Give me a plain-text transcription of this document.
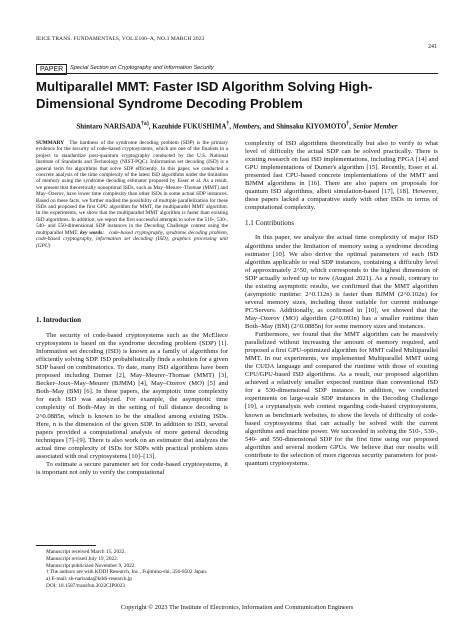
IEICE TRANS. FUNDAMENTALS, VOL.E106–A, NO.3 MARCH 2023
241
PAPER	Special Section on Cryptography and Information Security
Multiparallel MMT: Faster ISD Algorithm Solving High-Dimensional Syndrome Decoding Problem
Shintaro NARISADA$^{\dagger a)}$, Kazuhide FUKUSHIMA†, Members, and Shinsaku KIYOMOTO†, Senior Member
SUMMARY The hardness of the syndrome decoding problem (SDP) is the primary evidence for the security of code-based cryptosystems, which are one of the finalists in a project to standardize post-quantum cryptography conducted by the U.S. National Institute of Standards and Technology (NIST-PQC). Information set decoding (ISD) is a general term for algorithms that solve SDP efficiently. In this paper, we conducted a concrete analysis of the time complexity of the latest ISD algorithms under the limitation of memory using the syndrome decoding estimator proposed by Esser et al. As a result, we present that theoretically nonoptimal ISDs, such as May–Meurer–Thomae (MMT) and May–Ozerov, have lower time complexity than other ISDs in some actual SDP instances. Based on these facts, we further studied the possibility of multiple parallelization for these ISDs and proposed the first GPU algorithm for MMT, the multiparallel MMT algorithm. In the experiments, we show that the multiparallel MMT algorithm is faster than existing ISD algorithms. In addition, we report the first successful attempts to solve the 510-, 530-, 540- and 550-dimensional SDP instances in the Decoding Challenge contest using the multiparallel MMT. key words: code-based cryptography, syndrome decoding problem, code-based cryptography, information set decoding (ISD), graphics processing unit (GPU)

1. Introduction

The security of code-based cryptosystems such as the McEliece cryptosystem is based on the syndrome decoding problem (SDP) [1]. Information set decoding (ISD) is known as a family of algorithms for efficiently solving SDP. ISD probabilistically finds a solution for a given SDP based on combinatorics. To date, many ISD algorithms have been proposed including Dumer [2], May–Meurer–Thomae (MMT) [3], Becker–Joux–May–Meurer (BJMM) [4], May–Ozerov (MO) [5] and Both–May (BM) [6]. In these papers, the asymptotic time complexity for each ISD was analyzed. For example, the asymptotic time complexity of Both–May in the setting of full distance decoding is 2^0.0885n, which is known to be the smallest among existing ISDs. Here, n is the dimension of the given SDP. In addition to ISD, several papers provided a computational analysis of more general decoding techniques [7]–[9]. There is also work on an estimator that analyzes the actual time complexity of ISDs for SDPs with practical problem sizes associated with real cryptosystems [10]–[13].

To estimate a secure parameter set for code-based cryptosystems, it is important not only to verify the computational

Manuscript received March 15, 2022.

Manuscript revised July 19, 2022.

Manuscript publicized November 9, 2022.

† The authors are with KDDI Research, Inc., Fujimino-shi, 356-8502 Japan.

a) E-mail: sh-narisada@kddi-research.jp

DOI: 10.1587/transfun.2022CIP0023

complexity of ISD algorithms theoretically but also to verify to what level of difficulty the actual SDP can be solved practically. There is existing research on fast ISD implementations, including FPGA [14] and GPU implementations of Dumer's algorithm [15]. Recently, Esser et al. presented fast CPU-based concrete implementations of the MMT and BJMM algorithms in [16]. There are also papers on proposals for quantum ISD algorithms, albeit simulation-based [17], [18]. However, these papers lacked a comparative study with other ISDs in terms of computational complexity.

1.1 Contributions

In this paper, we analyze the actual time complexity of major ISD algorithms under the limitation of memory using a syndrome decoding estimator [10]. We also derive the optimal parameters of each ISD algorithm applicable to real SDP instances, containing a difficulty level of approximately 2^50, which corresponds to the highest dimension of SDP actually solved up to now (August 2021). As a result, contrary to the existing asymptotic results, we confirmed that the MMT algorithm (asymptotic runtime: 2^0.112n) is faster than BJMM (2^0.102n) for several memory sizes, including those suitable for current midrange PC/Servers. Additionally, as confirmed in [10], we showed that the May–Ozerov (MO) algorithm (2^0.093n) has a smaller runtime than Both–May (BM) (2^0.0885n) for some memory sizes and instances.

Furthermore, we found that the MMT algorithm can be massively parallelized without increasing the amount of memory required, and proposed a first GPU-optimized algorithm for MMT called Multiparallel MMT. In our experiments, we implemented Multiparallel MMT using the CUDA language and compared the runtime with those of existing CPU/GPU-based ISD algorithms. As a result, our proposed algorithm achieved a relatively smaller expected runtime than conventional ISD for a 530-dimensional SDP instance. In addition, we conducted experiments on large-scale SDP instances in the Decoding Challenge [19], a cryptanalysis web contest regarding code-based cryptosystems, known as benchmark websites, to show the levels of difficulty of code-based cryptosystems that can actually be solved with the current algorithms and machine power. We succeeded in solving the 510-, 530-, 540- and 550-dimensional SDP for the first time using our proposed algorithm and several modern GPUs. We believe that our results will contribute to the selection of more rigorous security parameters for post-quantum cryptosystems.

Copyright © 2023 The Institute of Electronics, Information and Communication Engineers
